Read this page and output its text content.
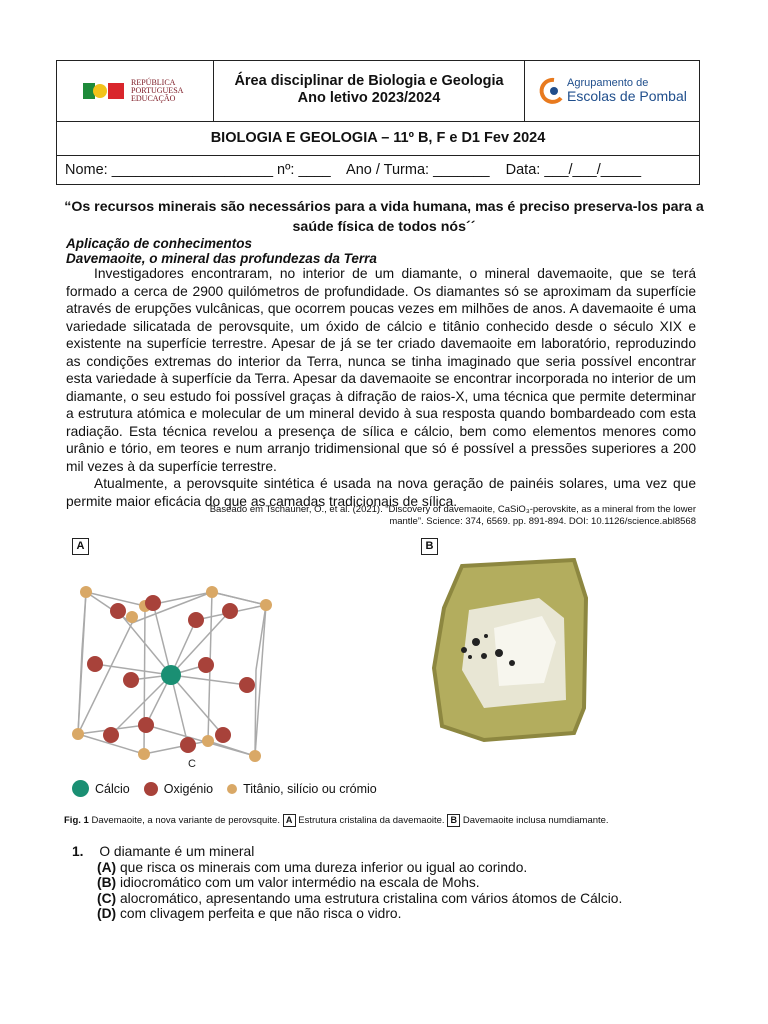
REPÚBLICA
PORTUGUESA
EDUCAÇÃO
Área disciplinar de Biologia e Geologia
Ano letivo 2023/2024
Agrupamento de
Escolas de Pombal
BIOLOGIA E GEOLOGIA – 11º B, F e D1 Fev 2024
Nome: ____________________ nº: ____    Ano / Turma: _______    Data: ___/___/_____
“Os recursos minerais são necessários para a vida humana, mas é preciso preserva-los para a saúde física de todos nós´´
Aplicação de conhecimentos
Davemaoite, o mineral das profundezas da Terra

Investigadores encontraram, no interior de um diamante, o mineral davemaoite, que se terá formado a cerca de 2900 quilómetros de profundidade. Os diamantes só se aproximam da superfície através de erupções vulcânicas, que ocorrem poucas vezes em milhões de anos. A davemaoite é uma variedade silicatada de perovsquite, um óxido de cálcio e titânio conhecido desde o século XIX e existente na superfície terrestre. Apesar de já se ter criado davemaoite em laboratório, reproduzindo as condições extremas do interior da Terra, nunca se tinha imaginado que seria possível encontrar esta variedade à superfície da Terra. Apesar da davemaoite se encontrar incorporada no interior de um diamante, o seu estudo foi possível graças à difração de raios-X, uma técnica que permite determinar a estrutura atómica e molecular de um mineral devido à sua resposta quando bombardeado com esta radiação. Esta técnica revelou a presença de sílica e cálcio, bem como elementos menores como urânio e tório, em teores e num arranjo tridimensional que só é possível a pressões superiores a 200 mil vezes à da superfície terrestre.

Atualmente, a perovsquite sintética é usada na nova geração de painéis solares, uma vez que permite maior eficácia do que as camadas tradicionais de sílica.

Baseado em Tschauner, O., et al. (2021). “Discovery of davemaoite, CaSiO₃-perovskite, as a mineral from the lower
mantle”. Science: 374, 6569. pp. 891-894. DOI: 10.1126/science.abl8568
A	B
C
Cálcio	Oxigénio Titânio, silício ou crómio
Fig. 1 Davemaoite, a nova variante de perovsquite. A Estrutura cristalina da davemaoite. B Davemaoite inclusa numdiamante.
1. O diamante é um mineral
(A) que risca os minerais com uma dureza inferior ou igual ao corindo.
(B) idiocromático com um valor intermédio na escala de Mohs.
(C) alocromático, apresentando uma estrutura cristalina com vários átomos de Cálcio.
(D) com clivagem perfeita e que não risca o vidro.
